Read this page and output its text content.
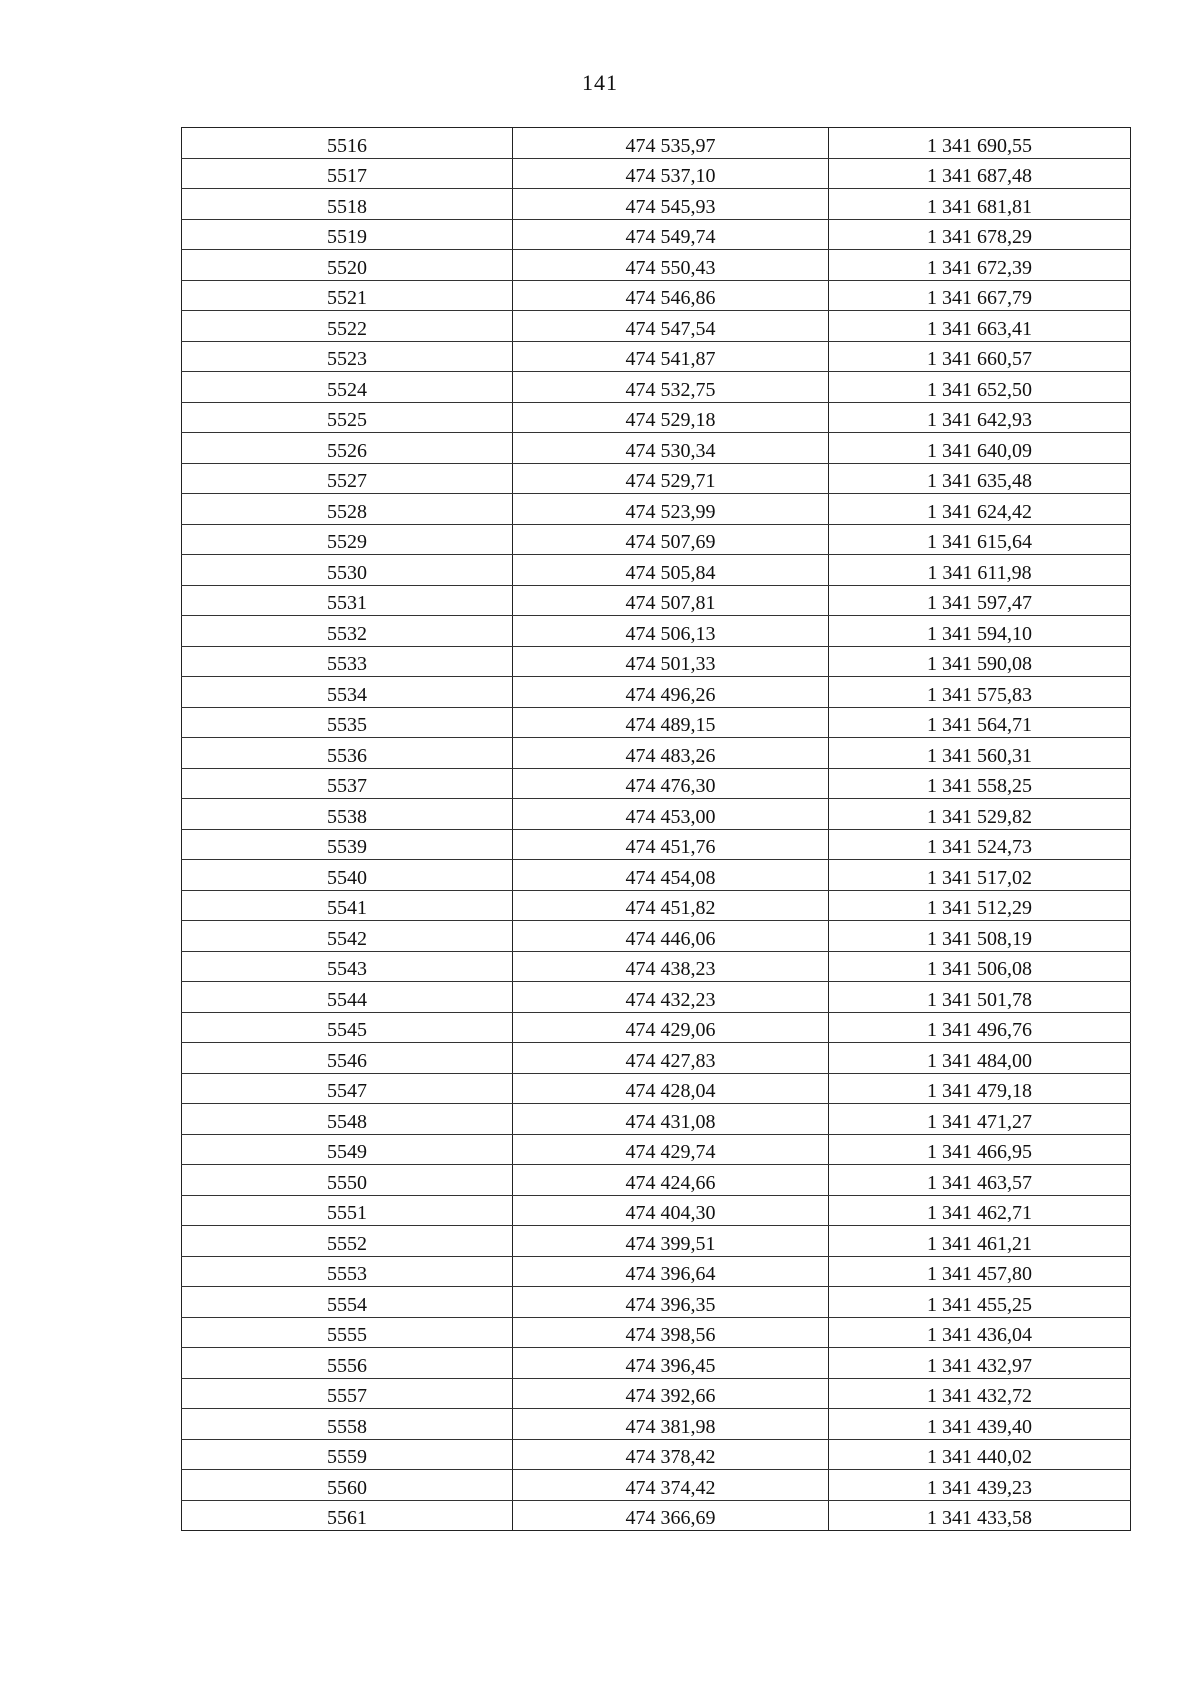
141
5516	474 535,97	1 341 690,55
5517	474 537,10	1 341 687,48
5518	474 545,93	1 341 681,81
5519	474 549,74	1 341 678,29
5520	474 550,43	1 341 672,39
5521	474 546,86	1 341 667,79
5522	474 547,54	1 341 663,41
5523	474 541,87	1 341 660,57
5524	474 532,75	1 341 652,50
5525	474 529,18	1 341 642,93
5526	474 530,34	1 341 640,09
5527	474 529,71	1 341 635,48
5528	474 523,99	1 341 624,42
5529	474 507,69	1 341 615,64
5530	474 505,84	1 341 611,98
5531	474 507,81	1 341 597,47
5532	474 506,13	1 341 594,10
5533	474 501,33	1 341 590,08
5534	474 496,26	1 341 575,83
5535	474 489,15	1 341 564,71
5536	474 483,26	1 341 560,31
5537	474 476,30	1 341 558,25
5538	474 453,00	1 341 529,82
5539	474 451,76	1 341 524,73
5540	474 454,08	1 341 517,02
5541	474 451,82	1 341 512,29
5542	474 446,06	1 341 508,19
5543	474 438,23	1 341 506,08
5544	474 432,23	1 341 501,78
5545	474 429,06	1 341 496,76
5546	474 427,83	1 341 484,00
5547	474 428,04	1 341 479,18
5548	474 431,08	1 341 471,27
5549	474 429,74	1 341 466,95
5550	474 424,66	1 341 463,57
5551	474 404,30	1 341 462,71
5552	474 399,51	1 341 461,21
5553	474 396,64	1 341 457,80
5554	474 396,35	1 341 455,25
5555	474 398,56	1 341 436,04
5556	474 396,45	1 341 432,97
5557	474 392,66	1 341 432,72
5558	474 381,98	1 341 439,40
5559	474 378,42	1 341 440,02
5560	474 374,42	1 341 439,23
5561	474 366,69	1 341 433,58
